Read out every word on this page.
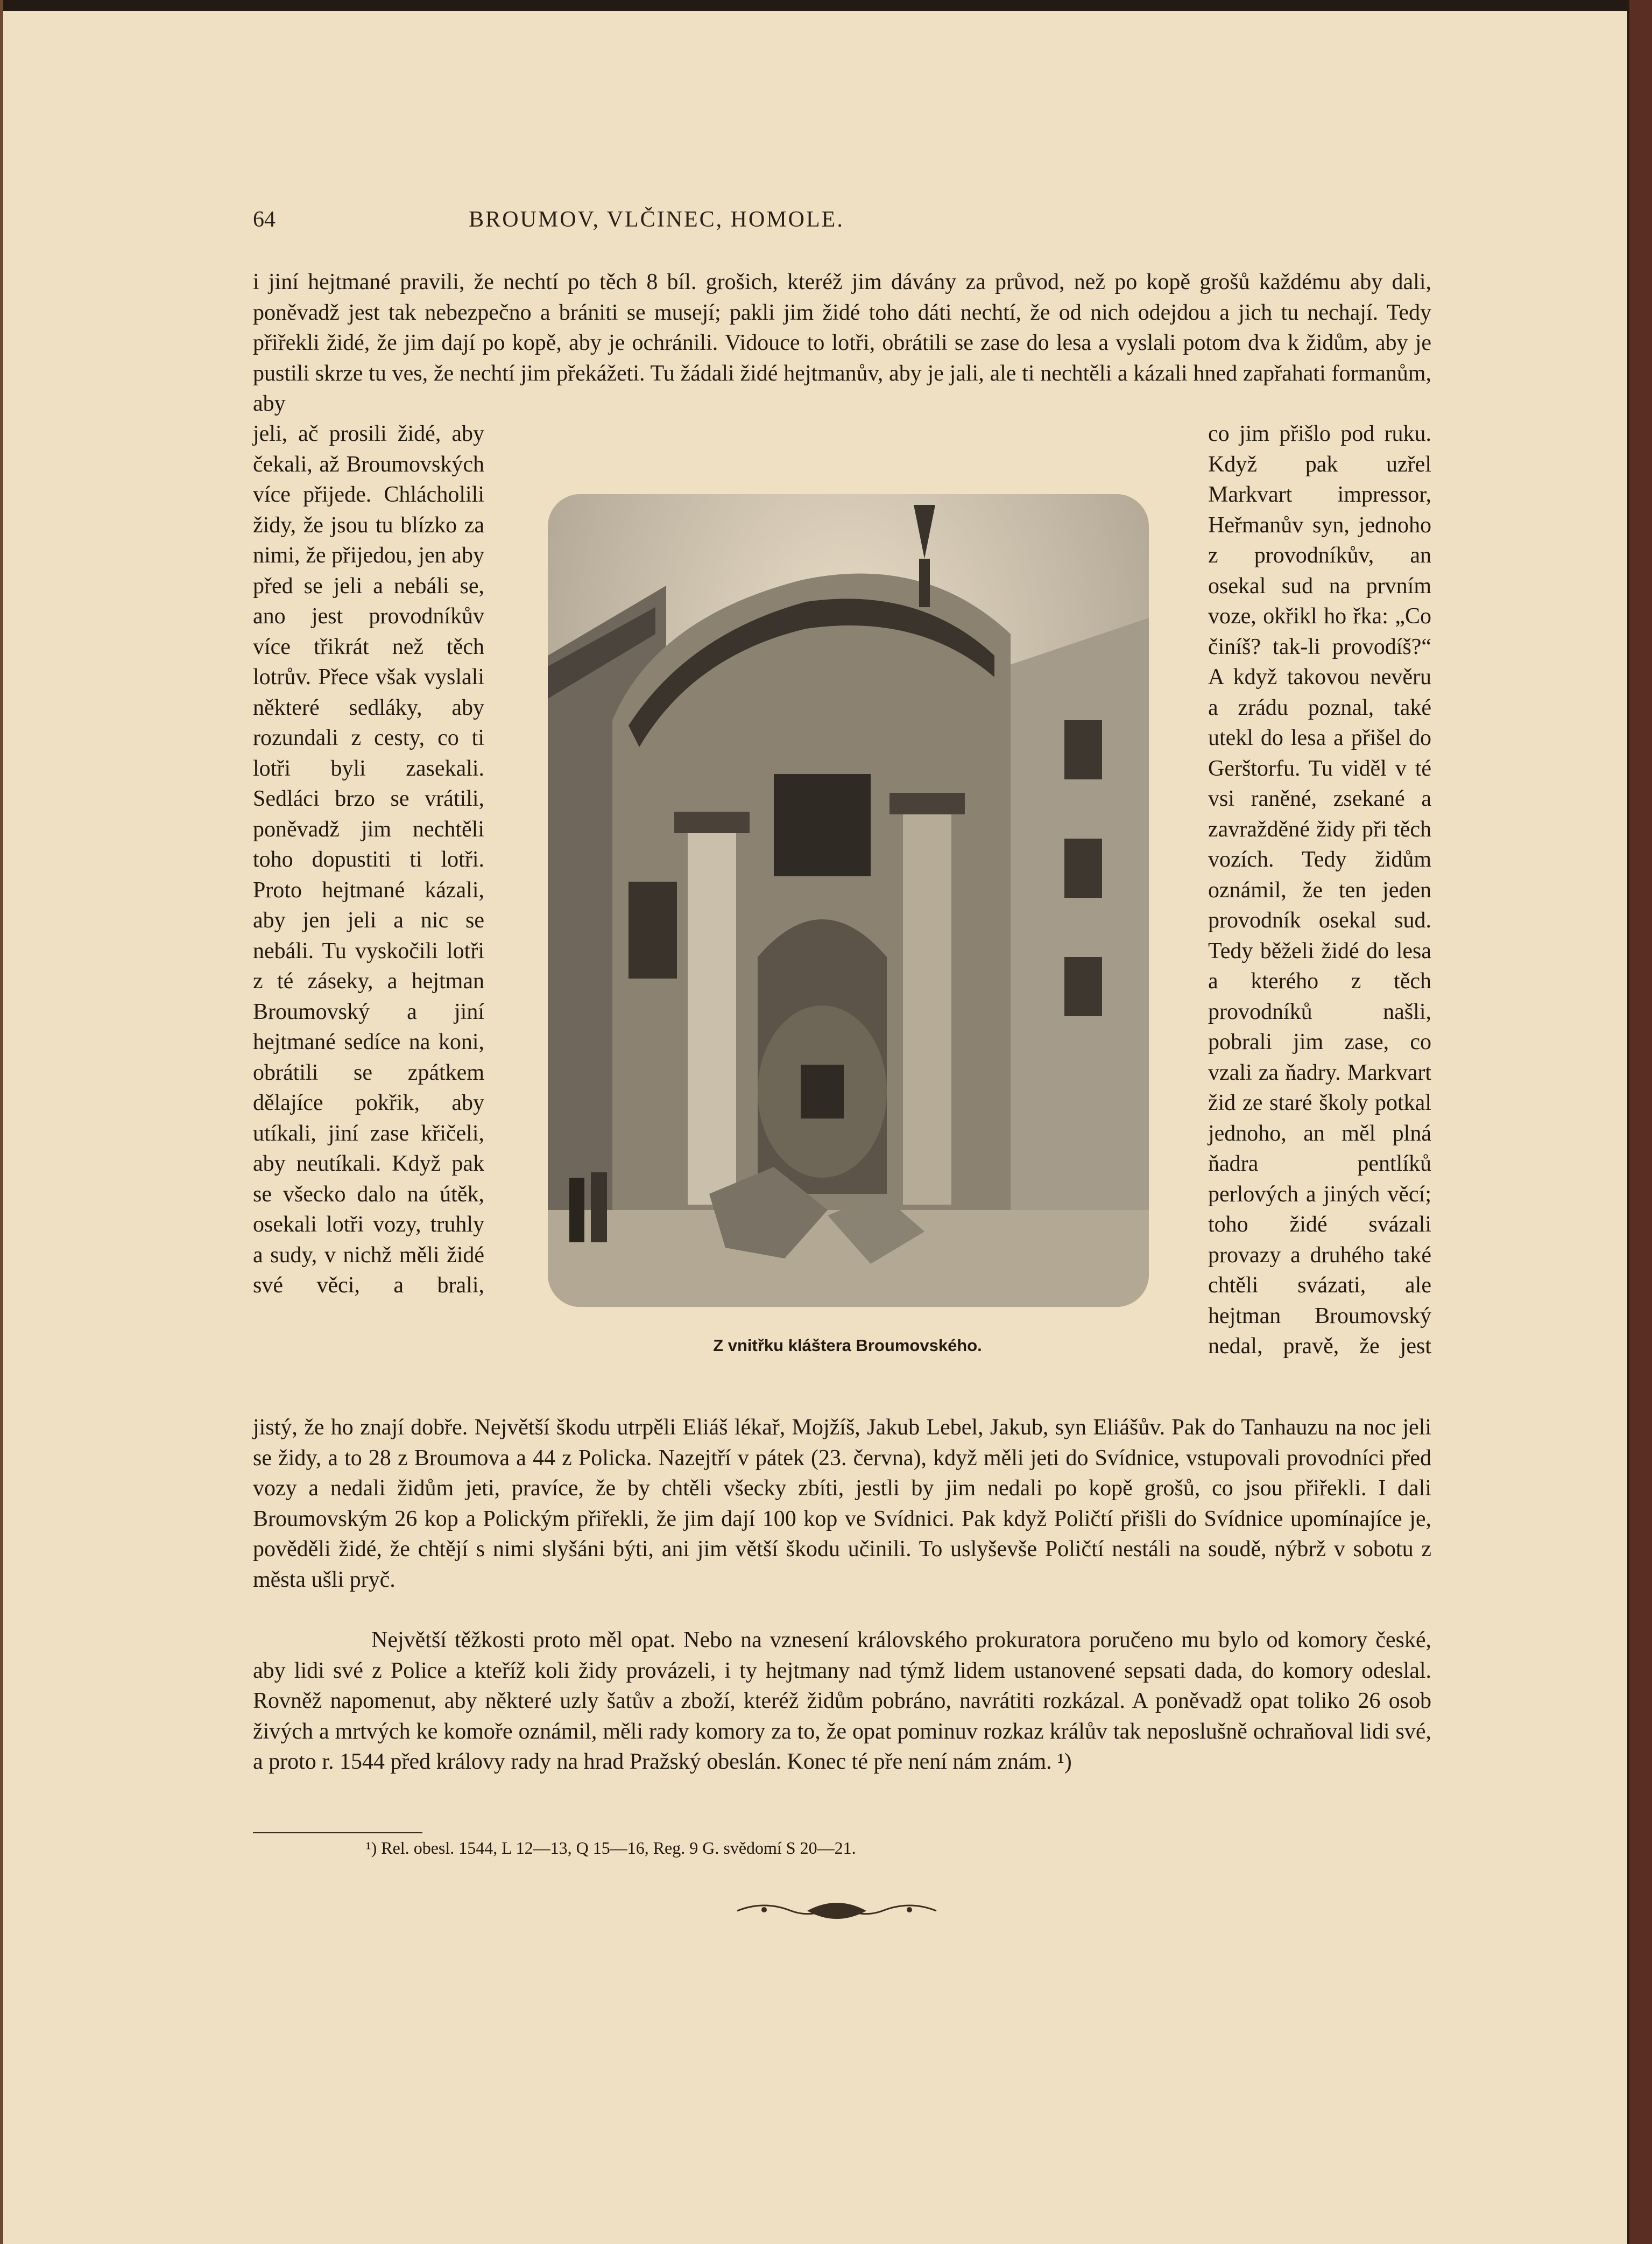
64	BROUMOV, VLČINEC, HOMOLE.
i jiní hejtmané pravili, že nechtí po těch 8 bíl. grošich, kteréž jim dávány za průvod, než po kopě grošů každému aby dali, poněvadž jest tak nebezpečno a brániti se musejí; pakli jim židé toho dáti nechtí, že od nich odejdou a jich tu nechají. Tedy přiřekli židé, že jim dají po kopě, aby je ochránili. Vidouce to lotři, obrátili se zase do lesa a vyslali potom dva k židům, aby je pustili skrze tu ves, že nechtí jim překážeti. Tu žádali židé hejtmanův, aby je jali, ale ti nechtěli a kázali hned zapřahati formanům, aby
jeli, ač prosili židé, aby čekali, až Broumovských více přijede. Chlácholili židy, že jsou tu blízko za nimi, že přijedou, jen aby před se jeli a nebáli se, ano jest provodníkův více třikrát než těch lotrův. Přece však vyslali některé sedláky, aby rozundali z cesty, co ti lotři byli zasekali. Sedláci brzo se vrátili, poněvadž jim nechtěli toho dopustiti ti lotři. Proto hejtmané kázali, aby jen jeli a nic se nebáli. Tu vyskočili lotři z té záseky, a hejtman Broumovský a jiní hejtmané sedíce na koni, obrátili se zpátkem dělajíce pokřik, aby utíkali, jiní zase křičeli, aby neutíkali. Když pak se všecko dalo na útěk, osekali lotři vozy, truhly a sudy, v nichž měli židé své věci, a brali,
Z vnitřku kláštera Broumovského.
co jim přišlo pod ruku. Když pak uzřel Markvart impressor, Heřmanův syn, jednoho z provodníkův, an osekal sud na prvním voze, okřikl ho řka: „Co činíš? tak-li provodíš?“ A když takovou nevěru a zrádu poznal, také utekl do lesa a přišel do Gerštorfu. Tu viděl v té vsi raněné, zsekané a zavražděné židy při těch vozích. Tedy židům oznámil, že ten jeden provodník osekal sud. Tedy běželi židé do lesa a kterého z těch provodníků našli, pobrali jim zase, co vzali za ňadry. Markvart žid ze staré školy potkal jednoho, an měl plná ňadra pentlíků perlových a jiných věcí; toho židé svázali provazy a druhého také chtěli svázati, ale hejtman Broumovský nedal, pravě, že jest
jistý, že ho znají dobře. Největší škodu utrpěli Eliáš lékař, Mojžíš, Jakub Lebel, Jakub, syn Eliášův. Pak do Tanhauzu na noc jeli se židy, a to 28 z Broumova a 44 z Policka. Nazejtří v pátek (23. června), když měli jeti do Svídnice, vstupovali provodníci před vozy a nedali židům jeti, pravíce, že by chtěli všecky zbíti, jestli by jim nedali po kopě grošů, co jsou přiřekli. I dali Broumovským 26 kop a Polickým přiřekli, že jim dají 100 kop ve Svídnici. Pak když Poličtí přišli do Svídnice upomínajíce je, pověděli židé, že chtějí s nimi slyšáni býti, ani jim větší škodu učinili. To uslyševše Poličtí nestáli na soudě, nýbrž v sobotu z města ušli pryč.
Největší těžkosti proto měl opat. Nebo na vznesení královského prokuratora poručeno mu bylo od komory české, aby lidi své z Police a kteříž koli židy provázeli, i ty hejtmany nad týmž lidem ustanovené sepsati dada, do komory odeslal. Rovněž napomenut, aby některé uzly šatův a zboží, kteréž židům pobráno, navrátiti rozkázal. A poněvadž opat toliko 26 osob živých a mrtvých ke komoře oznámil, měli rady komory za to, že opat pominuv rozkaz králův tak neposlušně ochraňoval lidi své, a proto r. 1544 před královy rady na hrad Pražský obeslán. Konec té pře není nám znám. ¹)
¹) Rel. obesl. 1544, L 12—13, Q 15—16, Reg. 9 G. svědomí S 20—21.
